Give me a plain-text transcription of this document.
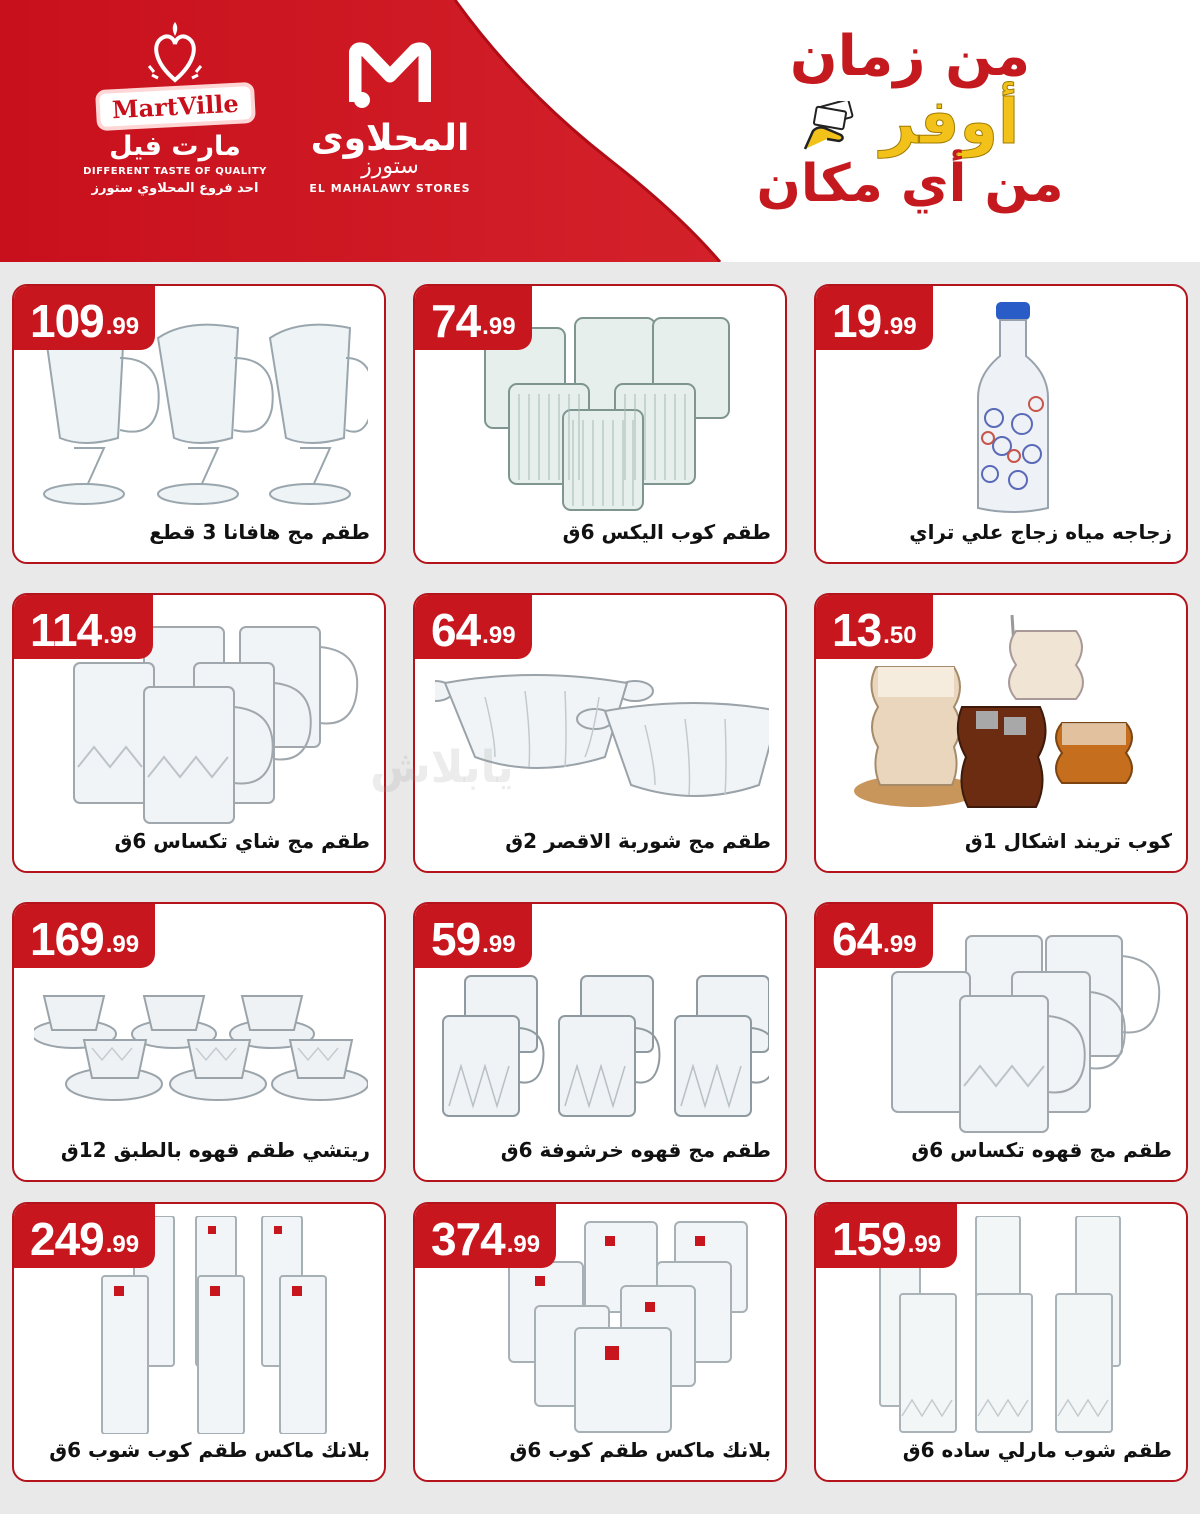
MartVille
مارت فيل
DIFFERENT TASTE OF QUALITY
احد فروع المحلاوي ستورز
المحلاوى
ستورز
EL MAHALAWY STORES
من زمان
أوفر
من أي مكان
109 .99
طقم مج هافانا 3 قطع
74 .99
طقم كوب اليكس 6ق
19 .99
زجاجه مياه زجاج علي تراي
114 .99
طقم مج شاي تكساس 6ق
64 .99
طقم مج شوربة الاقصر 2ق
13 .50
كوب تريند اشكال 1ق
169 .99
ريتشي طقم قهوه بالطبق 12ق
59 .99
طقم مج قهوه خرشوفة 6ق
64 .99
طقم مج قهوه تكساس 6ق
249 .99
بلانك ماكس طقم كوب شوب 6ق
374 .99
بلانك ماكس طقم كوب 6ق
159 .99
طقم شوب مارلي ساده 6ق
يابلاش
